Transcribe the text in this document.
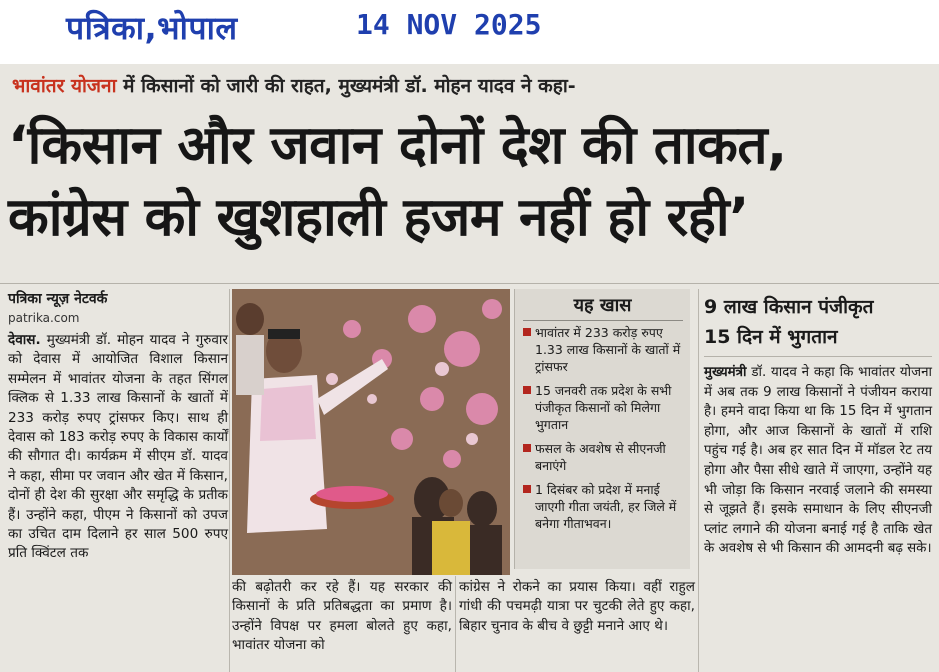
पत्रिका,भोपाल	14 NOV 2025
भावांतर योजना में किसानों को जारी की राहत, मुख्यमंत्री डॉ. मोहन यादव ने कहा-
‘किसान और जवान दोनों देश की ताकत,
कांग्रेस को खुशहाली हजम नहीं हो रही’
पत्रिका न्यूज़ नेटवर्क
patrika.com
देवास. मुख्यमंत्री डॉ. मोहन यादव ने गुरुवार को देवास में आयोजित विशाल किसान सम्मेलन में भावांतर योजना के तहत सिंगल क्लिक से 1.33 लाख किसानों के खातों में 233 करोड़ रुपए ट्रांसफर किए। साथ ही देवास को 183 करोड़ रुपए के विकास कार्यों की सौगात दी। कार्यक्रम में सीएम डॉ. यादव ने कहा, सीमा पर जवान और खेत में किसान, दोनों ही देश की सुरक्षा और समृद्धि के प्रतीक हैं। उन्होंने कहा, पीएम ने किसानों को उपज का उचित दाम दिलाने हर साल 500 रुपए प्रति क्विंटल तक
यह खास
भावांतर में 233 करोड़ रुपए 1.33 लाख किसानों के खातों में ट्रांसफर
15 जनवरी तक प्रदेश के सभी पंजीकृत किसानों को मिलेगा भुगतान
फसल के अवशेष से सीएनजी बनाएंगे
1 दिसंबर को प्रदेश में मनाई जाएगी गीता जयंती, हर जिले में बनेगा गीताभवन।
की बढ़ोतरी कर रहे हैं। यह सरकार की किसानों के प्रति प्रतिबद्धता का प्रमाण है। उन्होंने विपक्ष पर हमला बोलते हुए कहा, भावांतर योजना को
कांग्रेस ने रोकने का प्रयास किया। वहीं राहुल गांधी की पचमढ़ी यात्रा पर चुटकी लेते हुए कहा, बिहार चुनाव के बीच वे छुट्टी मनाने आए थे।
9 लाख किसान पंजीकृत
15 दिन में भुगतान
मुख्यमंत्री डॉ. यादव ने कहा कि भावांतर योजना में अब तक 9 लाख किसानों ने पंजीयन कराया है। हमने वादा किया था कि 15 दिन में भुगतान होगा, और आज किसानों के खातों में राशि पहुंच गई है। अब हर सात दिन में मॉडल रेट तय होगा और पैसा सीधे खाते में जाएगा, उन्होंने यह भी जोड़ा कि किसान नरवाई जलाने की समस्या से जूझते हैं। इसके समाधान के लिए सीएनजी प्लांट लगाने की योजना बनाई गई है ताकि खेत के अवशेष से भी किसान की आमदनी बढ़ सके।
